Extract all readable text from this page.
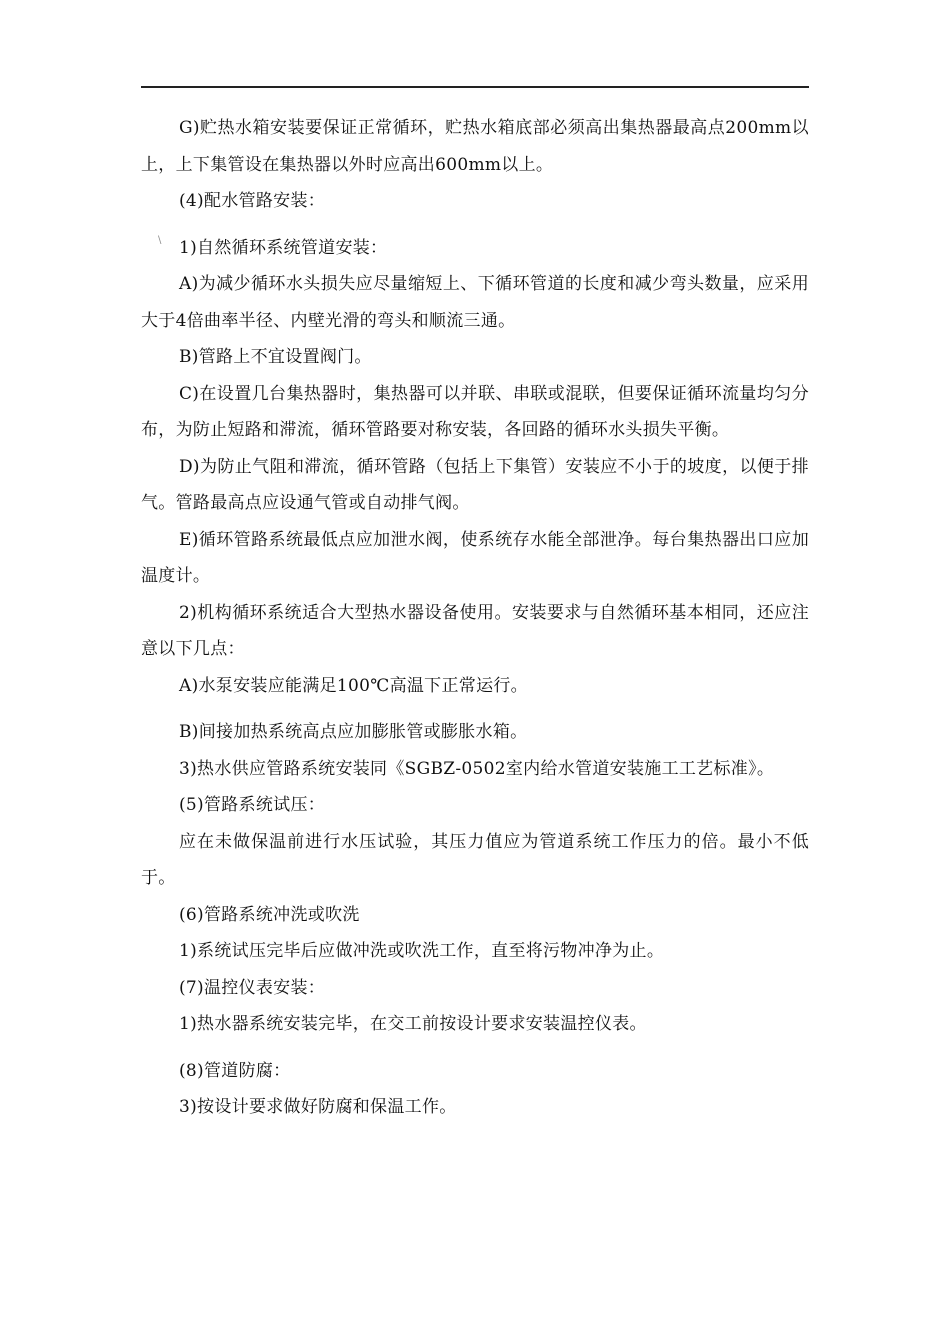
\

G)贮热水箱安装要保证正常循环，贮热水箱底部必须高出集热器最高点200mm以上，上下集管设在集热器以外时应高出600mm以上。

(4)配水管路安装：

1)自然循环系统管道安装：

A)为减少循环水头损失应尽量缩短上、下循环管道的长度和减少弯头数量，应采用大于4倍曲率半径、内壁光滑的弯头和顺流三通。

B)管路上不宜设置阀门。

C)在设置几台集热器时，集热器可以并联、串联或混联，但要保证循环流量均匀分布，为防止短路和滞流，循环管路要对称安装，各回路的循环水头损失平衡。

D)为防止气阻和滞流，循环管路（包括上下集管）安装应不小于的坡度，以便于排气。管路最高点应设通气管或自动排气阀。

E)循环管路系统最低点应加泄水阀，使系统存水能全部泄净。每台集热器出口应加温度计。

2)机构循环系统适合大型热水器设备使用。安装要求与自然循环基本相同，还应注意以下几点：

A)水泵安装应能满足100℃高温下正常运行。

B)间接加热系统高点应加膨胀管或膨胀水箱。

3)热水供应管路系统安装同《SGBZ-0502室内给水管道安装施工工艺标准》。

(5)管路系统试压：

应在未做保温前进行水压试验，其压力值应为管道系统工作压力的倍。最小不低于。

(6)管路系统冲洗或吹洗

1)系统试压完毕后应做冲洗或吹洗工作，直至将污物冲净为止。

(7)温控仪表安装：

1)热水器系统安装完毕，在交工前按设计要求安装温控仪表。

(8)管道防腐：

3)按设计要求做好防腐和保温工作。
